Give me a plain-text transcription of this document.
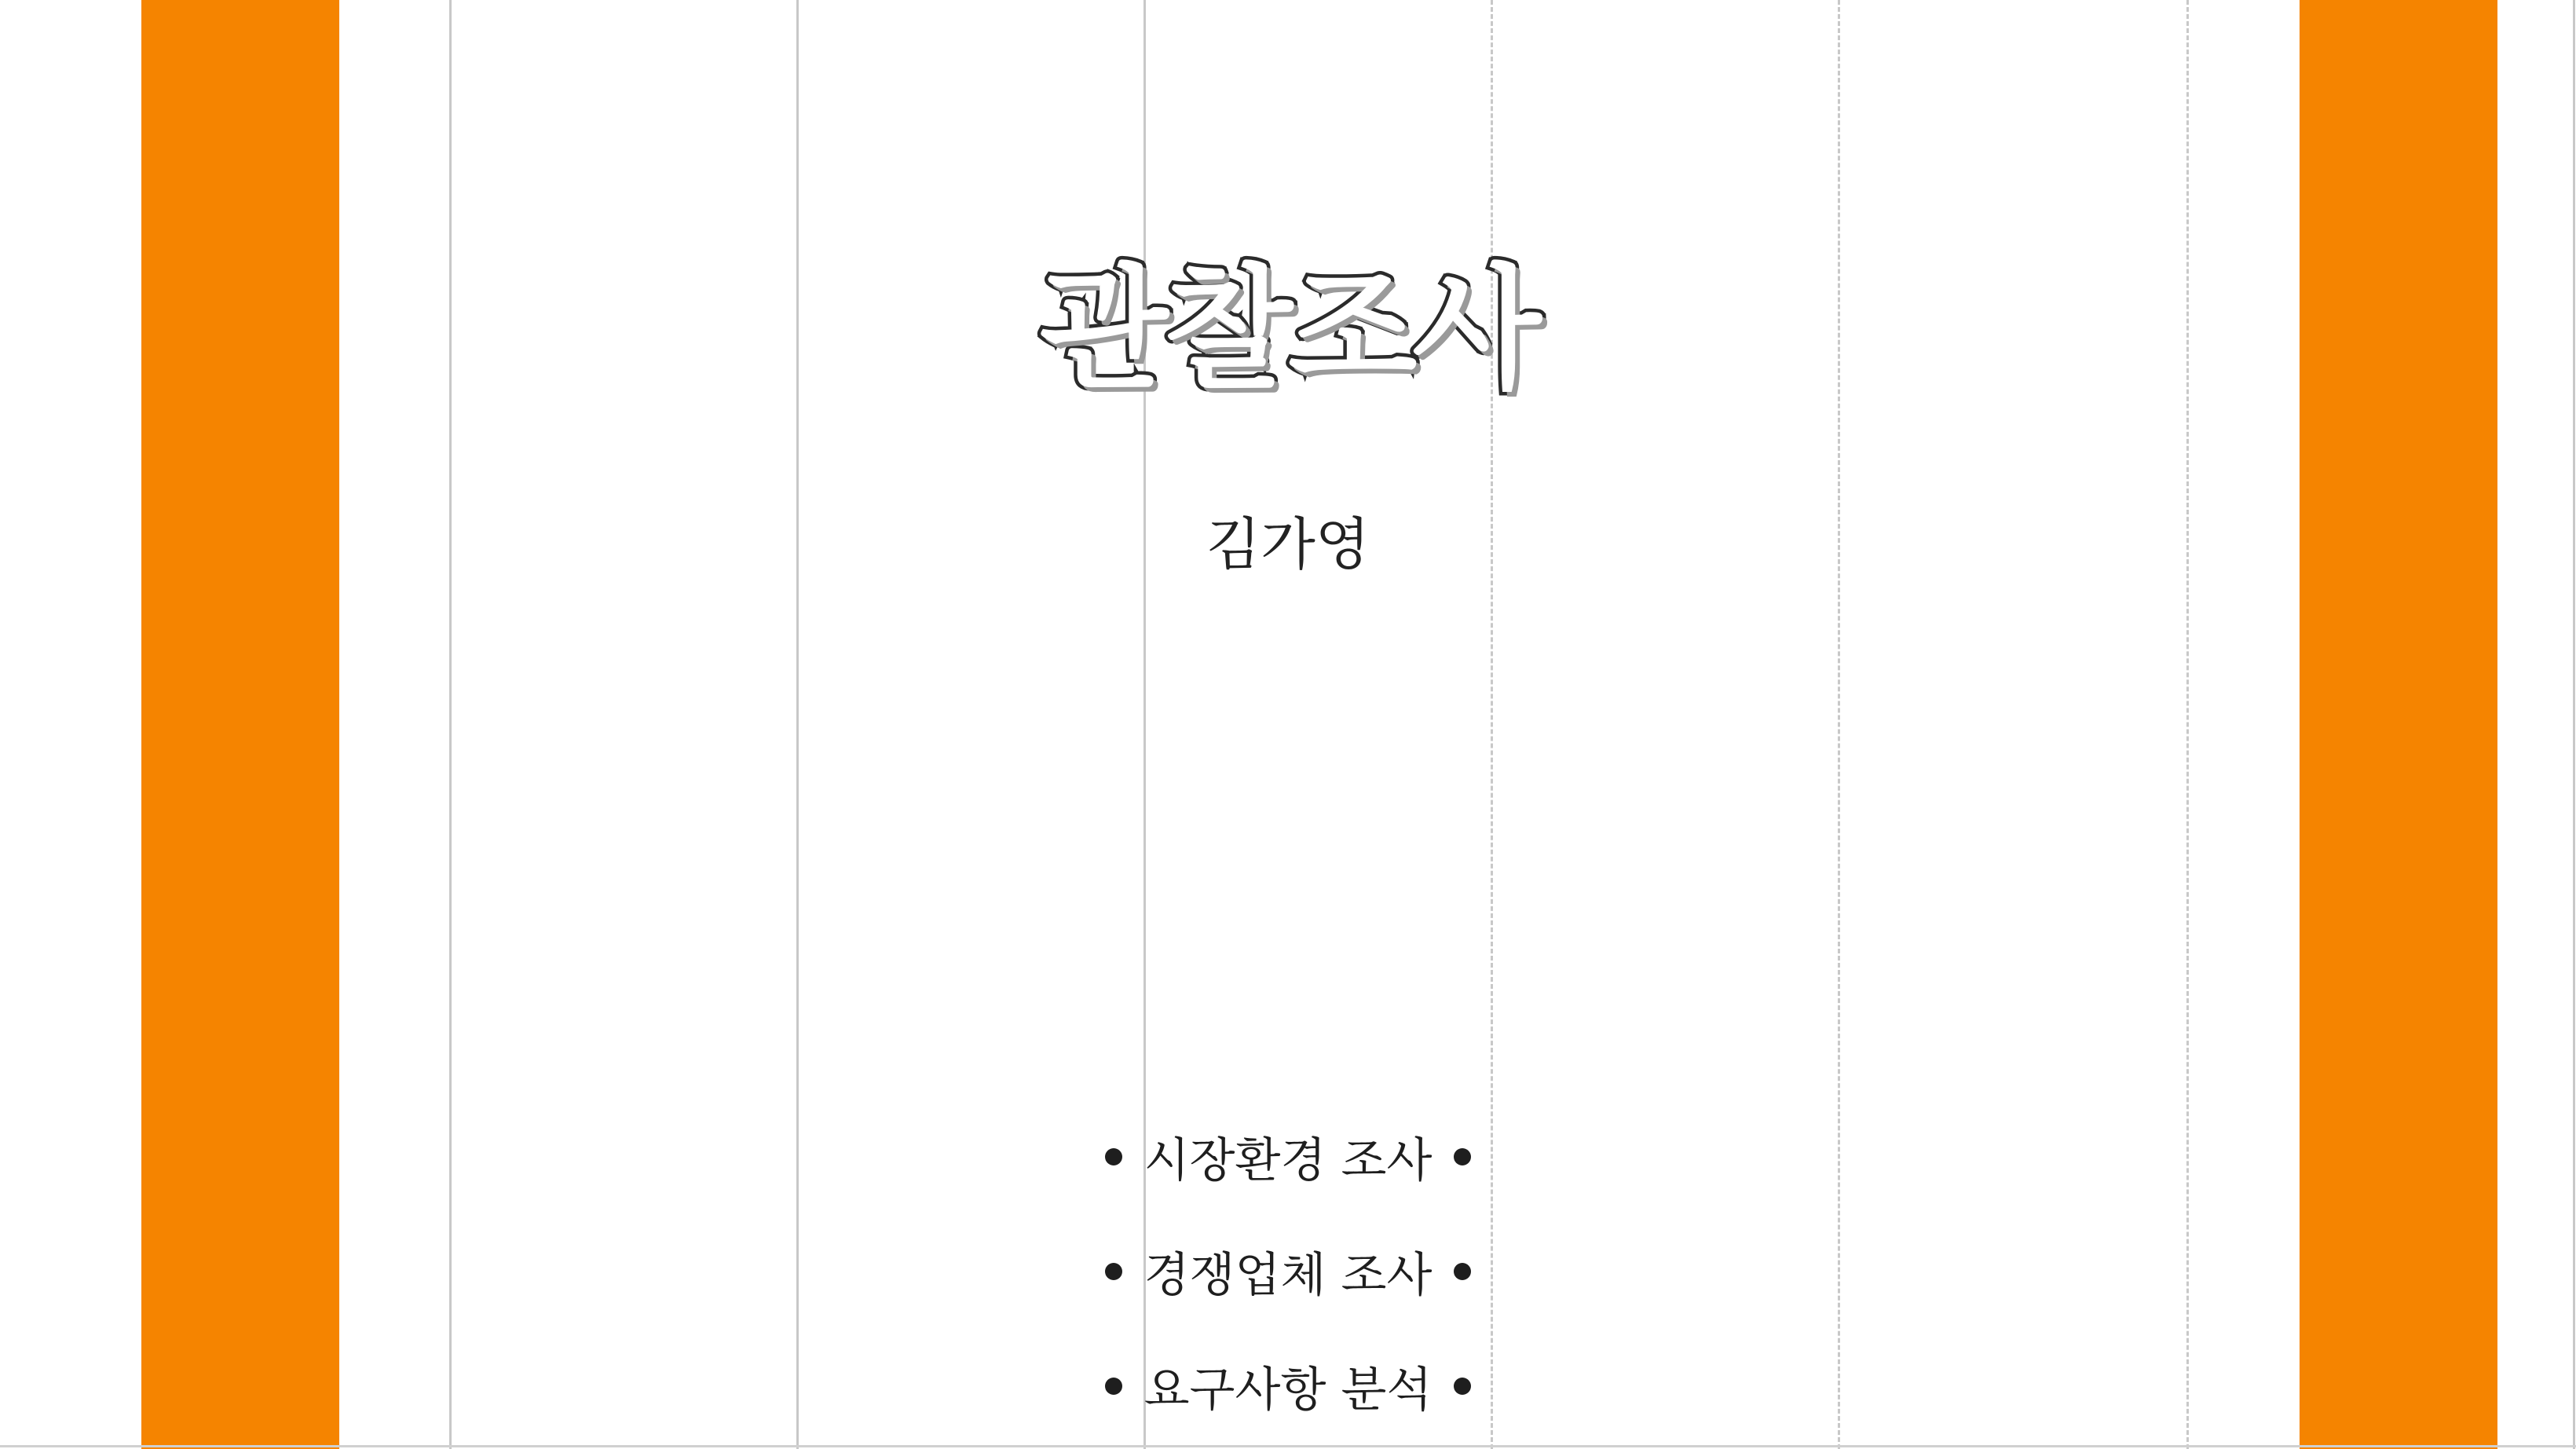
관찰조사
김가영
시장환경 조사
경쟁업체 조사
요구사항 분석
